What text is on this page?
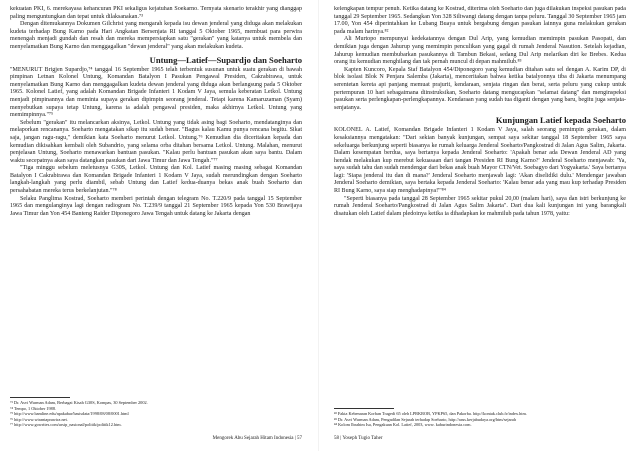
kekuatan PKI, 6. merekayasa kehancuran PKI sekaligus kejatuhan Soekarno. Ternyata skenario terakhir yang dianggap paling menguntungkan dan tepat untuk dilaksanakan.⁷³

Dengan ditemukannya Dokumen Gilchrist yang mengarah kepada isu dewan jenderal yang diduga akan melakukan kudeta terhadap Bung Karno pada Hari Angkatan Bersenjata RI tanggal 5 Oktober 1965, membuat para perwira menengah menjadi gundah dan resah dan mereka mempersiapkan satu "gerakan" yang katanya untuk membela dan menyelamatkan Bung Karno dan menggagalkan "dewan jenderal" yang akan melakukan kudeta.

Untung—Latief—Supardjo dan Soeharto

"MENURUT Brigjen Supardjo,⁷⁴ tanggal 16 September 1965 telah terbentuk susunan untuk suatu gerakan di bawah pimpinan Letnan Kolonel Untung, Komandan Batalyon I Pasukan Pengawal Presiden, Cakrabirawa, untuk menyelamatkan Bung Karno dan menggagalkan kudeta dewan jenderal yang diduga akan berlangsung pada 5 Oktober 1965. Kolonel Latief, yang adalah Komandan Brigade Infanteri 1 Kodam V Jaya, semula keberatan Letkol. Untung menjadi pimpinannya dan meminta supaya gerakan dipimpin seorang jenderal. Tetapi karena Kamaruzaman (Syam) menyebutkan supaya tetap Untung, karena ia adalah pengawal presiden, maka akhirnya Letkol. Untung yang memimpinnya."⁷⁵

Sebelum "gerakan" itu melancarkan aksinya, Letkol. Untung yang tidak asing bagi Soeharto, mendatanginya dan melaporkan rencananya. Soeharto mengatakan sikap itu sudah benar. "Bagus kalau Kamu punya rencana begitu. Sikat saja, jangan ragu-ragu," demikian kata Soeharto menurut Letkol. Untung.⁷⁶ Kemudian dia diceritakan kepada dan kemudian dikisahkan kembali oleh Subandrio, yang selama orba ditahan bersama Letkol. Untung. Malahan, menurut penjelasan Untung, Soeharto menawarkan bantuan pasukan. "Kalau perlu bantuan pasukan akan saya bantu. Dalam waktu secepatnya akan saya datangkan pasukan dari Jawa Timur dan Jawa Tengah."⁷⁷

"Tiga minggu sebelum meletusnya G30S, Letkol. Untung dan Kol. Latief masing masing sebagai Komandan Batalyon I Cakrabirawa dan Komandan Brigade Infanteri 1 Kodam V Jaya, sudah merundingkan dengan Soeharto langkah-langkah yang perlu diambil, sebab Untung dan Latief kedua-duanya bekas anak buah Soeharto dan persahabatan mereka terus berkelanjutan."⁷⁸

Selaku Panglima Kostrad, Soeharto memberi perintah dengan telegram No. T.220/9 pada tanggal 15 September 1965 dan mengulanginya lagi dengan radiogram No. T.239/9 tanggal 21 September 1965 kepada Yon 530 Brawijaya Jawa Timur dan Yon 454 Banteng Raider Diponegoro Jawa Tengah untuk datang ke Jakarta dengan

⁷³ Dr. Asvi Warman Adam, Berbagai Kisah G30S, Kompas, 30 September 2002.

⁷⁴ Tempo, 1 Oktober 1988.

⁷⁵ http://www.bamline.edu/apakabar/basisdata/1998/08/08/0001.html

⁷⁶ http://www.wirantaprawira.net.

⁷⁷ http://www.gowrites.com/arsip_nasional/politik/politik12.htm.

Mengorek Abu Sejarah Hitam Indonesia | 57

kelengkapan tempur penuh. Ketika datang ke Kostrad, diterima oleh Soeharto dan juga dilakukan inspeksi pasukan pada tanggal 29 September 1965. Sedangkan Yon 328 Siliwangi datang dengan tanpa peluru. Tanggal 30 September 1965 jam 17.00, Yon 454 diperintahkan ke Lubang Buaya untuk bergabung dengan pasukan lainnya guna melakukan gerakan pada malam harinya.⁸²

Ali Murtopo mempunyai kedekatannya dengan Dul Arip, yang kemudian memimpin pasukan Pasopati, dan demikian juga dengan Jahurup yang memimpin penculikan yang gagal di rumah Jenderal Nasution. Setelah kejadian, Jahurup kemudian membubarkan pasukannya di Tambun Bekasi, sedang Dul Arip melarikan diri ke Brebes. Kedua orang itu kemudian menghilang dan tak pernah muncul di depan mahmilub.⁸³

Kapten Kuncoro, Kepala Staf Batalyon 454/Diponegoro yang kemudian ditahan satu sel dengan A. Karim DP, di blok isolasi Blok N Penjara Salemba (Jakarta), menceritakan bahwa ketika batalyonnya tiba di Jakarta menumpang serentetan kereta api panjang memuat prajurit, kendaraan, senjata ringan dan berat, serta peluru yang cukup untuk pertempuran 10 hari sebagaimana diinstruksikan, Soeharto datang mengucapkan "selamat datang" dan menginspeksi pasukan serta perlengkapan-perlengkapannya. Kendaraan yang sudah tua diganti dengan yang baru, begitu juga senjata-senjatanya.

Kunjungan Latief kepada Soeharto

KOLONEL A. Latief, Komandan Brigade Infanteri 1 Kodam V Jaya, salah seorang pemimpin gerakan, dalam kesaksiannya mengatakan: "Dari sekian banyak kunjungan, sempat saya sekitar tanggal 18 September 1965 saya sekeluarga berkunjung seperti biasanya ke rumah keluarga Jenderal Soeharto/Pangkostrad di Jalan Agus Salim, Jakarta. Dalam kesempatan berdua, saya bertanya kepada Jenderal Soeharto: 'Apakah benar ada Dewan Jenderal AD yang hendak melakukan kup merebut kekuasaan dari tangan Presiden RI Bung Karno?' Jenderal Soeharto menjawab: 'Ya, saya sudah tahu dan sudah mendengar dari bekas anak buah Mayor CTN/Vet. Soebagyo dari Yogyakarta.' Saya bertanya lagi: 'Siapa jenderal itu dan di mana?' Jenderal Soeharto menjawab lagi: 'Akan diselidiki dulu.' Mendengar jawaban Jenderal Soeharto demikian, saya bertaka kepada Jenderal Soeharto: 'Kalau benar ada yang mau kup terhadap Presiden RI Bung Karno, saya siap menghadapinya!'"⁸⁴

"Seperti biasanya pada tanggal 28 September 1965 sekitar pukul 20,00 (malam hari), saya dan istri berkunjung ke rumah Jenderal Soeharto/Pangkostrad di Jalan Agus Salim Jakarta". Dari dua kali kunjungan ini yang barangkali disatukan oleh Latief dalam pledoinya ketika ia dihadapkan ke mahmilub pada tahun 1978, yaitu:

⁸² Fakta Kebenaran Korban Tragedi 65 oleh LPRKROB, YPKP65, dan Pakorba. http://kontak.club.fr/index.htm.

⁸³ Dr. Asvi Warman Adam, Pengadilan Sejarah terhadap Soeharto, http://arus.kerjabudaya.org/htm/sejarah

⁸⁴ Kolom Ibrahim Isa, Pengakuan Kol. Latief, 2003, www. kaburindonesia.com.

58 | Yoseph Tugio Taher
